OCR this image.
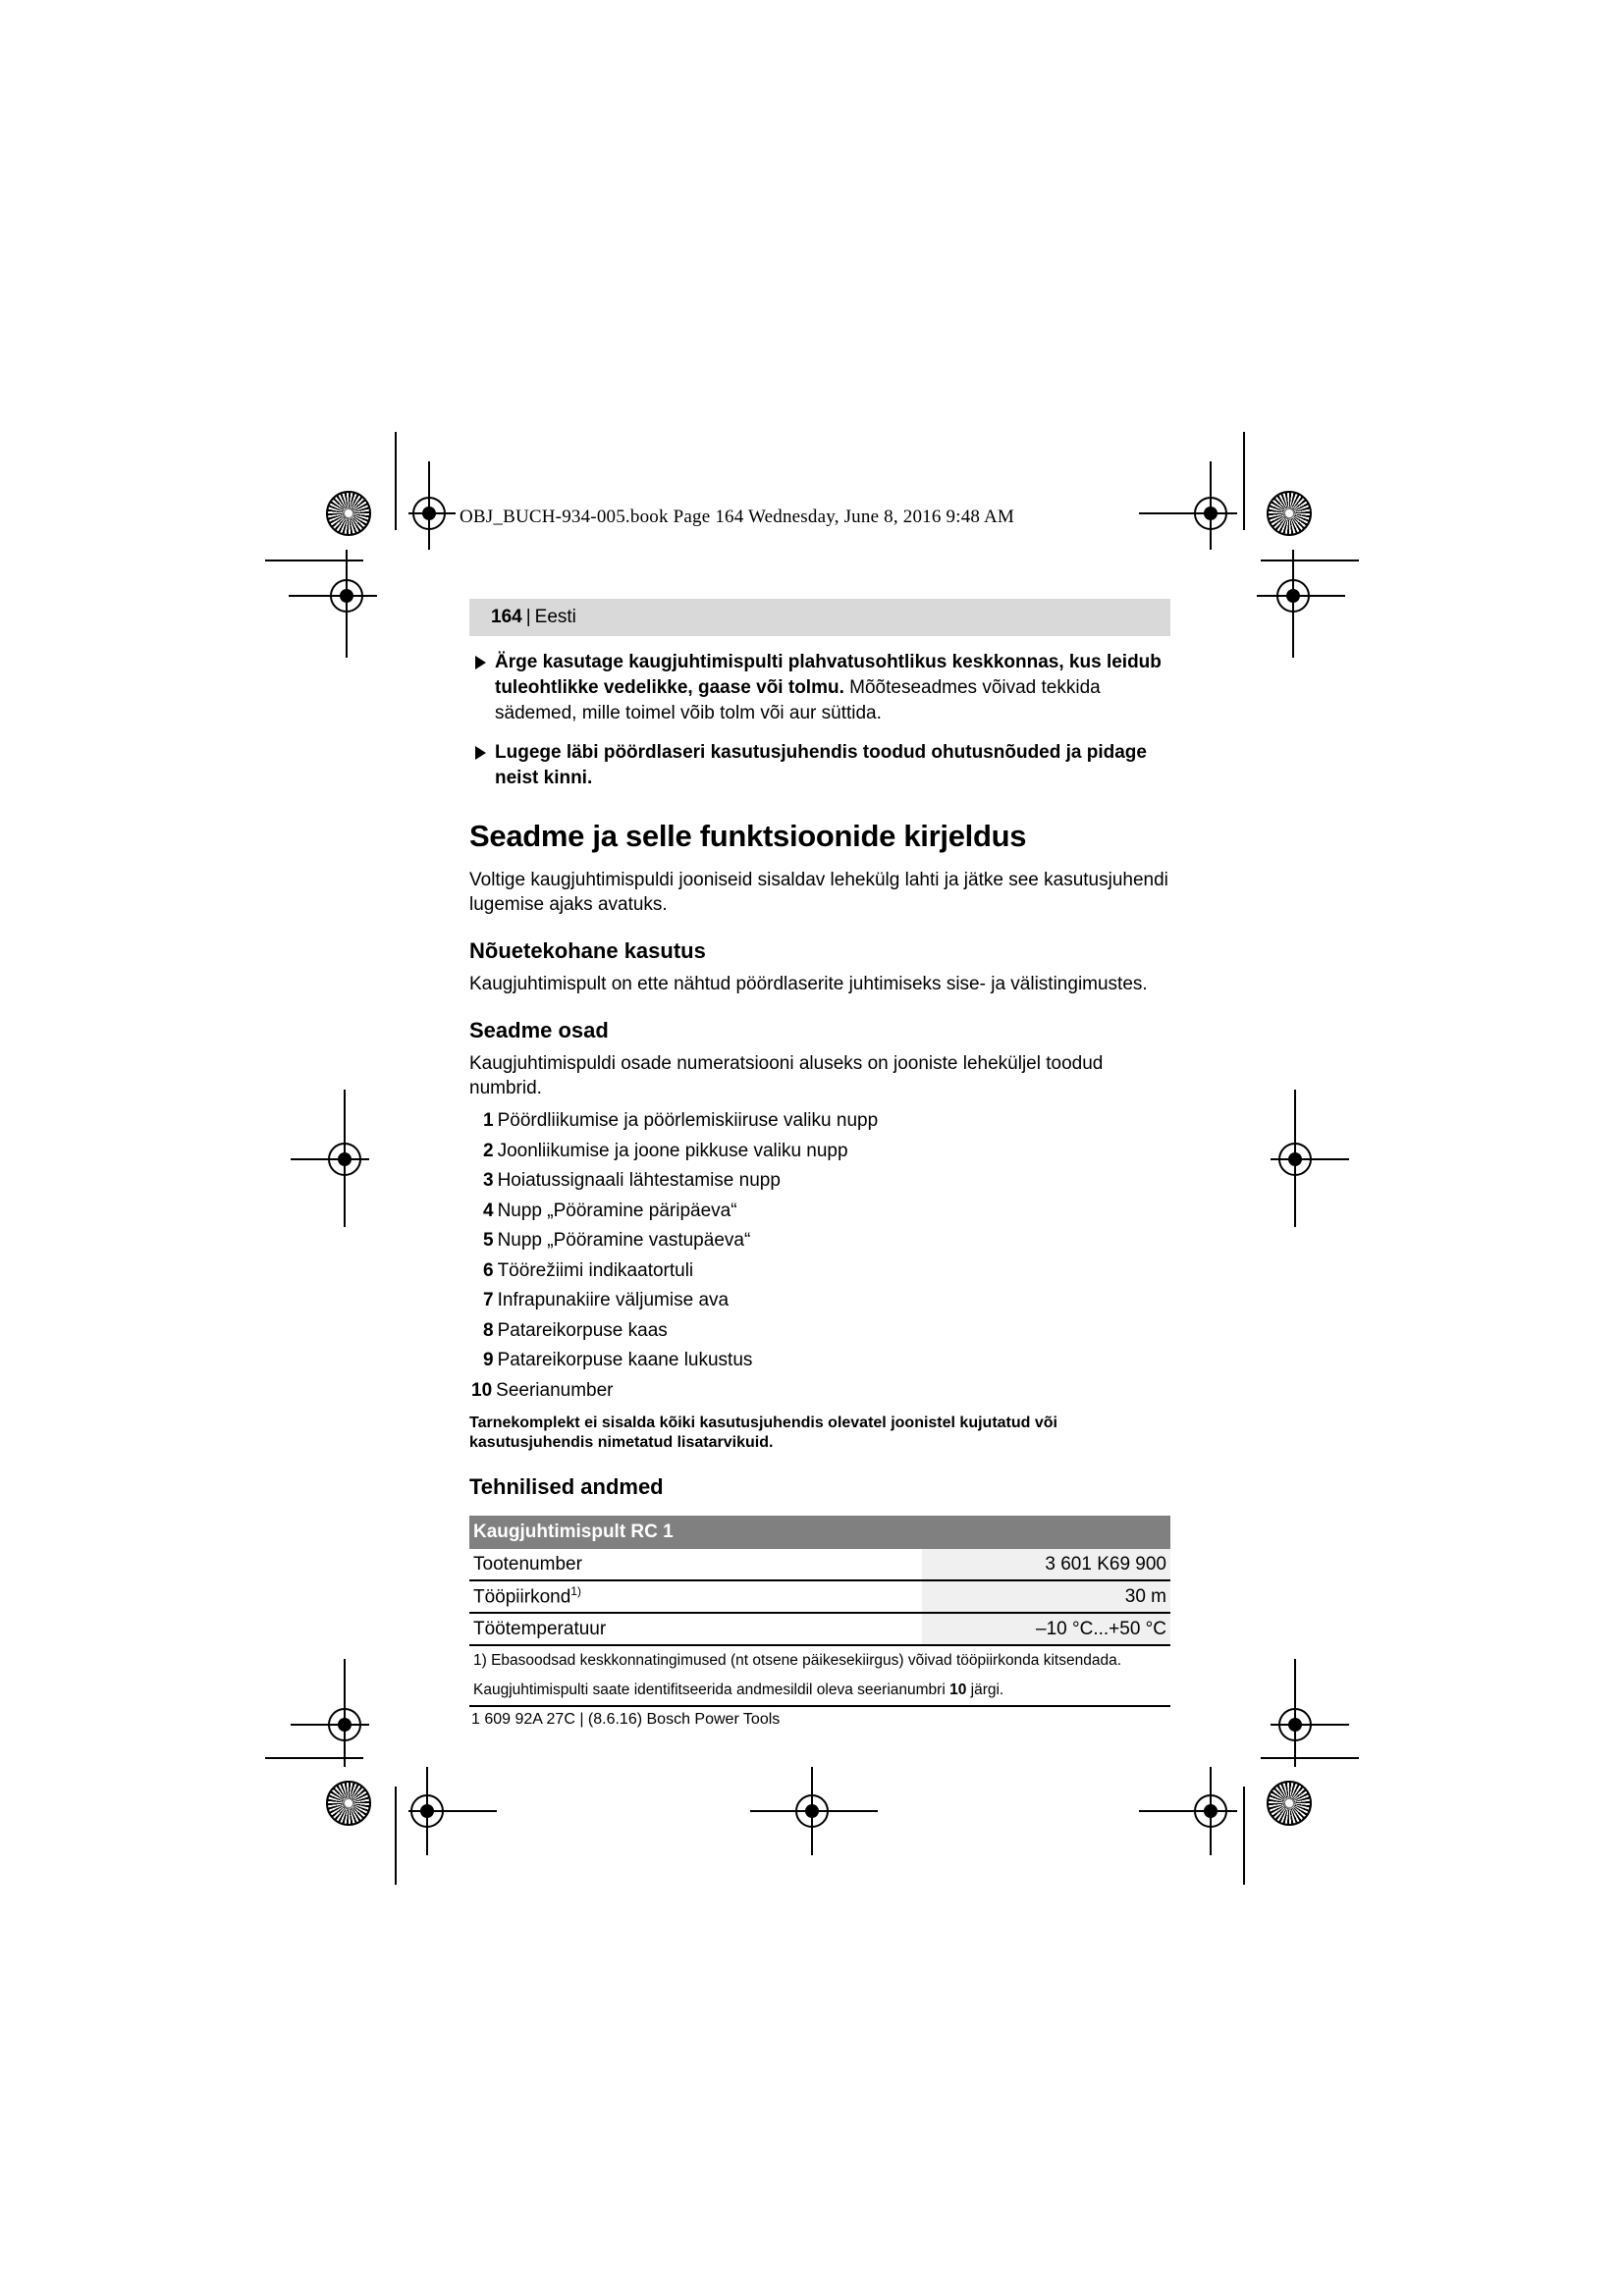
OBJ_BUCH-934-005.book Page 164 Wednesday, June 8, 2016 9:48 AM
164 | Eesti
Ärge kasutage kaugjuhtimispulti plahvatusohtlikus keskkonnas, kus leidub tuleohtlikke vedelikke, gaase või tolmu. Mõõteseadmes võivad tekkida sädemed, mille toimel võib tolm või aur süttida.
Lugege läbi pöördlaseri kasutusjuhendis toodud ohutusnõuded ja pidage neist kinni.
Seadme ja selle funktsioonide kirjeldus

Voltige kaugjuhtimispuldi jooniseid sisaldav lehekülg lahti ja jätke see kasutusjuhendi lugemise ajaks avatuks.

Nõuetekohane kasutus

Kaugjuhtimispult on ette nähtud pöördlaserite juhtimiseks sise- ja välistingimustes.

Seadme osad

Kaugjuhtimispuldi osade numeratsiooni aluseks on jooniste leheküljel toodud numbrid.

1 Pöördliikumise ja pöörlemiskiiruse valiku nupp
2 Joonliikumise ja joone pikkuse valiku nupp
3 Hoiatussignaali lähtestamise nupp
4 Nupp „Pööramine päripäeva“
5 Nupp „Pööramine vastupäeva“
6 Töörežiimi indikaatortuli
7 Infrapunakiire väljumise ava
8 Patareikorpuse kaas
9 Patareikorpuse kaane lukustus
10 Seerianumber
Tarnekomplekt ei sisalda kõiki kasutusjuhendis olevatel joonistel kujutatud või kasutusjuhendis nimetatud lisatarvikuid.
Tehnilised andmed
Kaugjuhtimispult RC 1	
Tootenumber	3 601 K69 900
Tööpiirkond$^{1)}$	30 m
Töötemperatuur	–10 °C...+50 °C
1) Ebasoodsad keskkonnatingimused (nt otsene päikesekiirgus) võivad tööpiirkonda kitsendada.	
Kaugjuhtimispulti saate identifitseerida andmesildil oleva seerianumbri 10 järgi.	
1 609 92A 27C | (8.6.16) Bosch Power Tools
